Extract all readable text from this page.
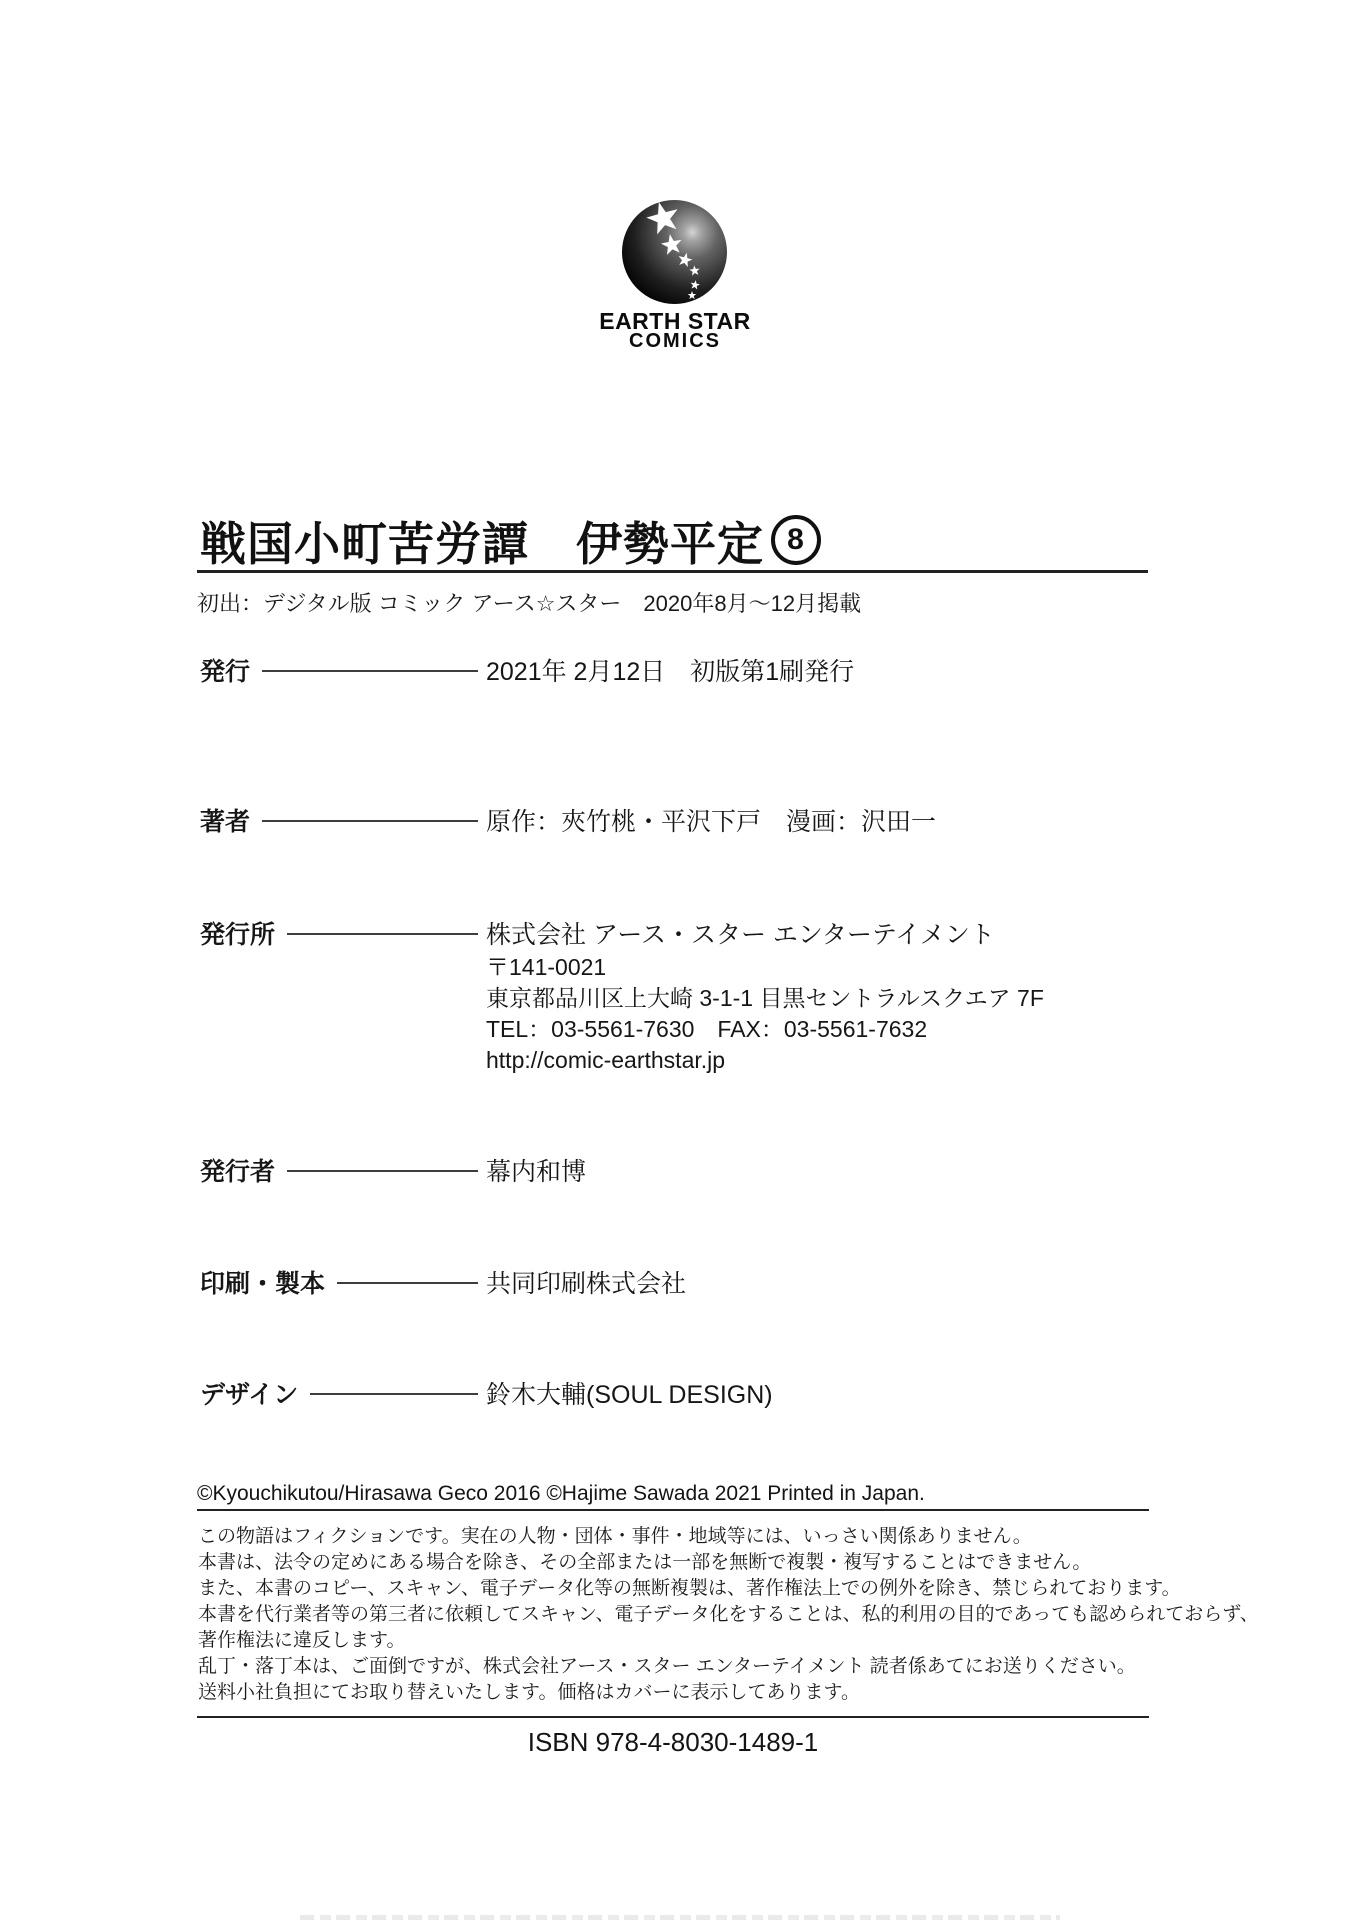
EARTH STAR
COMICS
戦国小町苦労譚　伊勢平定 8
初出：デジタル版 コミック アース☆スター　2020年8月～12月掲載
発行	2021年 2月12日　初版第1刷発行
著者	原作：夾竹桃・平沢下戸　漫画：沢田一
発行所	株式会社 アース・スター エンターテイメント
〒141-0021
東京都品川区上大崎 3-1-1 目黒セントラルスクエア 7F
TEL：03-5561-7630　FAX：03-5561-7632
http://comic-earthstar.jp
発行者	幕内和博
印刷・製本	共同印刷株式会社
デザイン	鈴木大輔(SOUL DESIGN)
©Kyouchikutou/Hirasawa Geco 2016 ©Hajime Sawada 2021 Printed in Japan.
この物語はフィクションです。実在の人物・団体・事件・地域等には、いっさい関係ありません。
本書は、法令の定めにある場合を除き、その全部または一部を無断で複製・複写することはできません。
また、本書のコピー、スキャン、電子データ化等の無断複製は、著作権法上での例外を除き、禁じられております。
本書を代行業者等の第三者に依頼してスキャン、電子データ化をすることは、私的利用の目的であっても認められておらず、
著作権法に違反します。
乱丁・落丁本は、ご面倒ですが、株式会社アース・スター エンターテイメント 読者係あてにお送りください。
送料小社負担にてお取り替えいたします。価格はカバーに表示してあります。
ISBN 978-4-8030-1489-1
